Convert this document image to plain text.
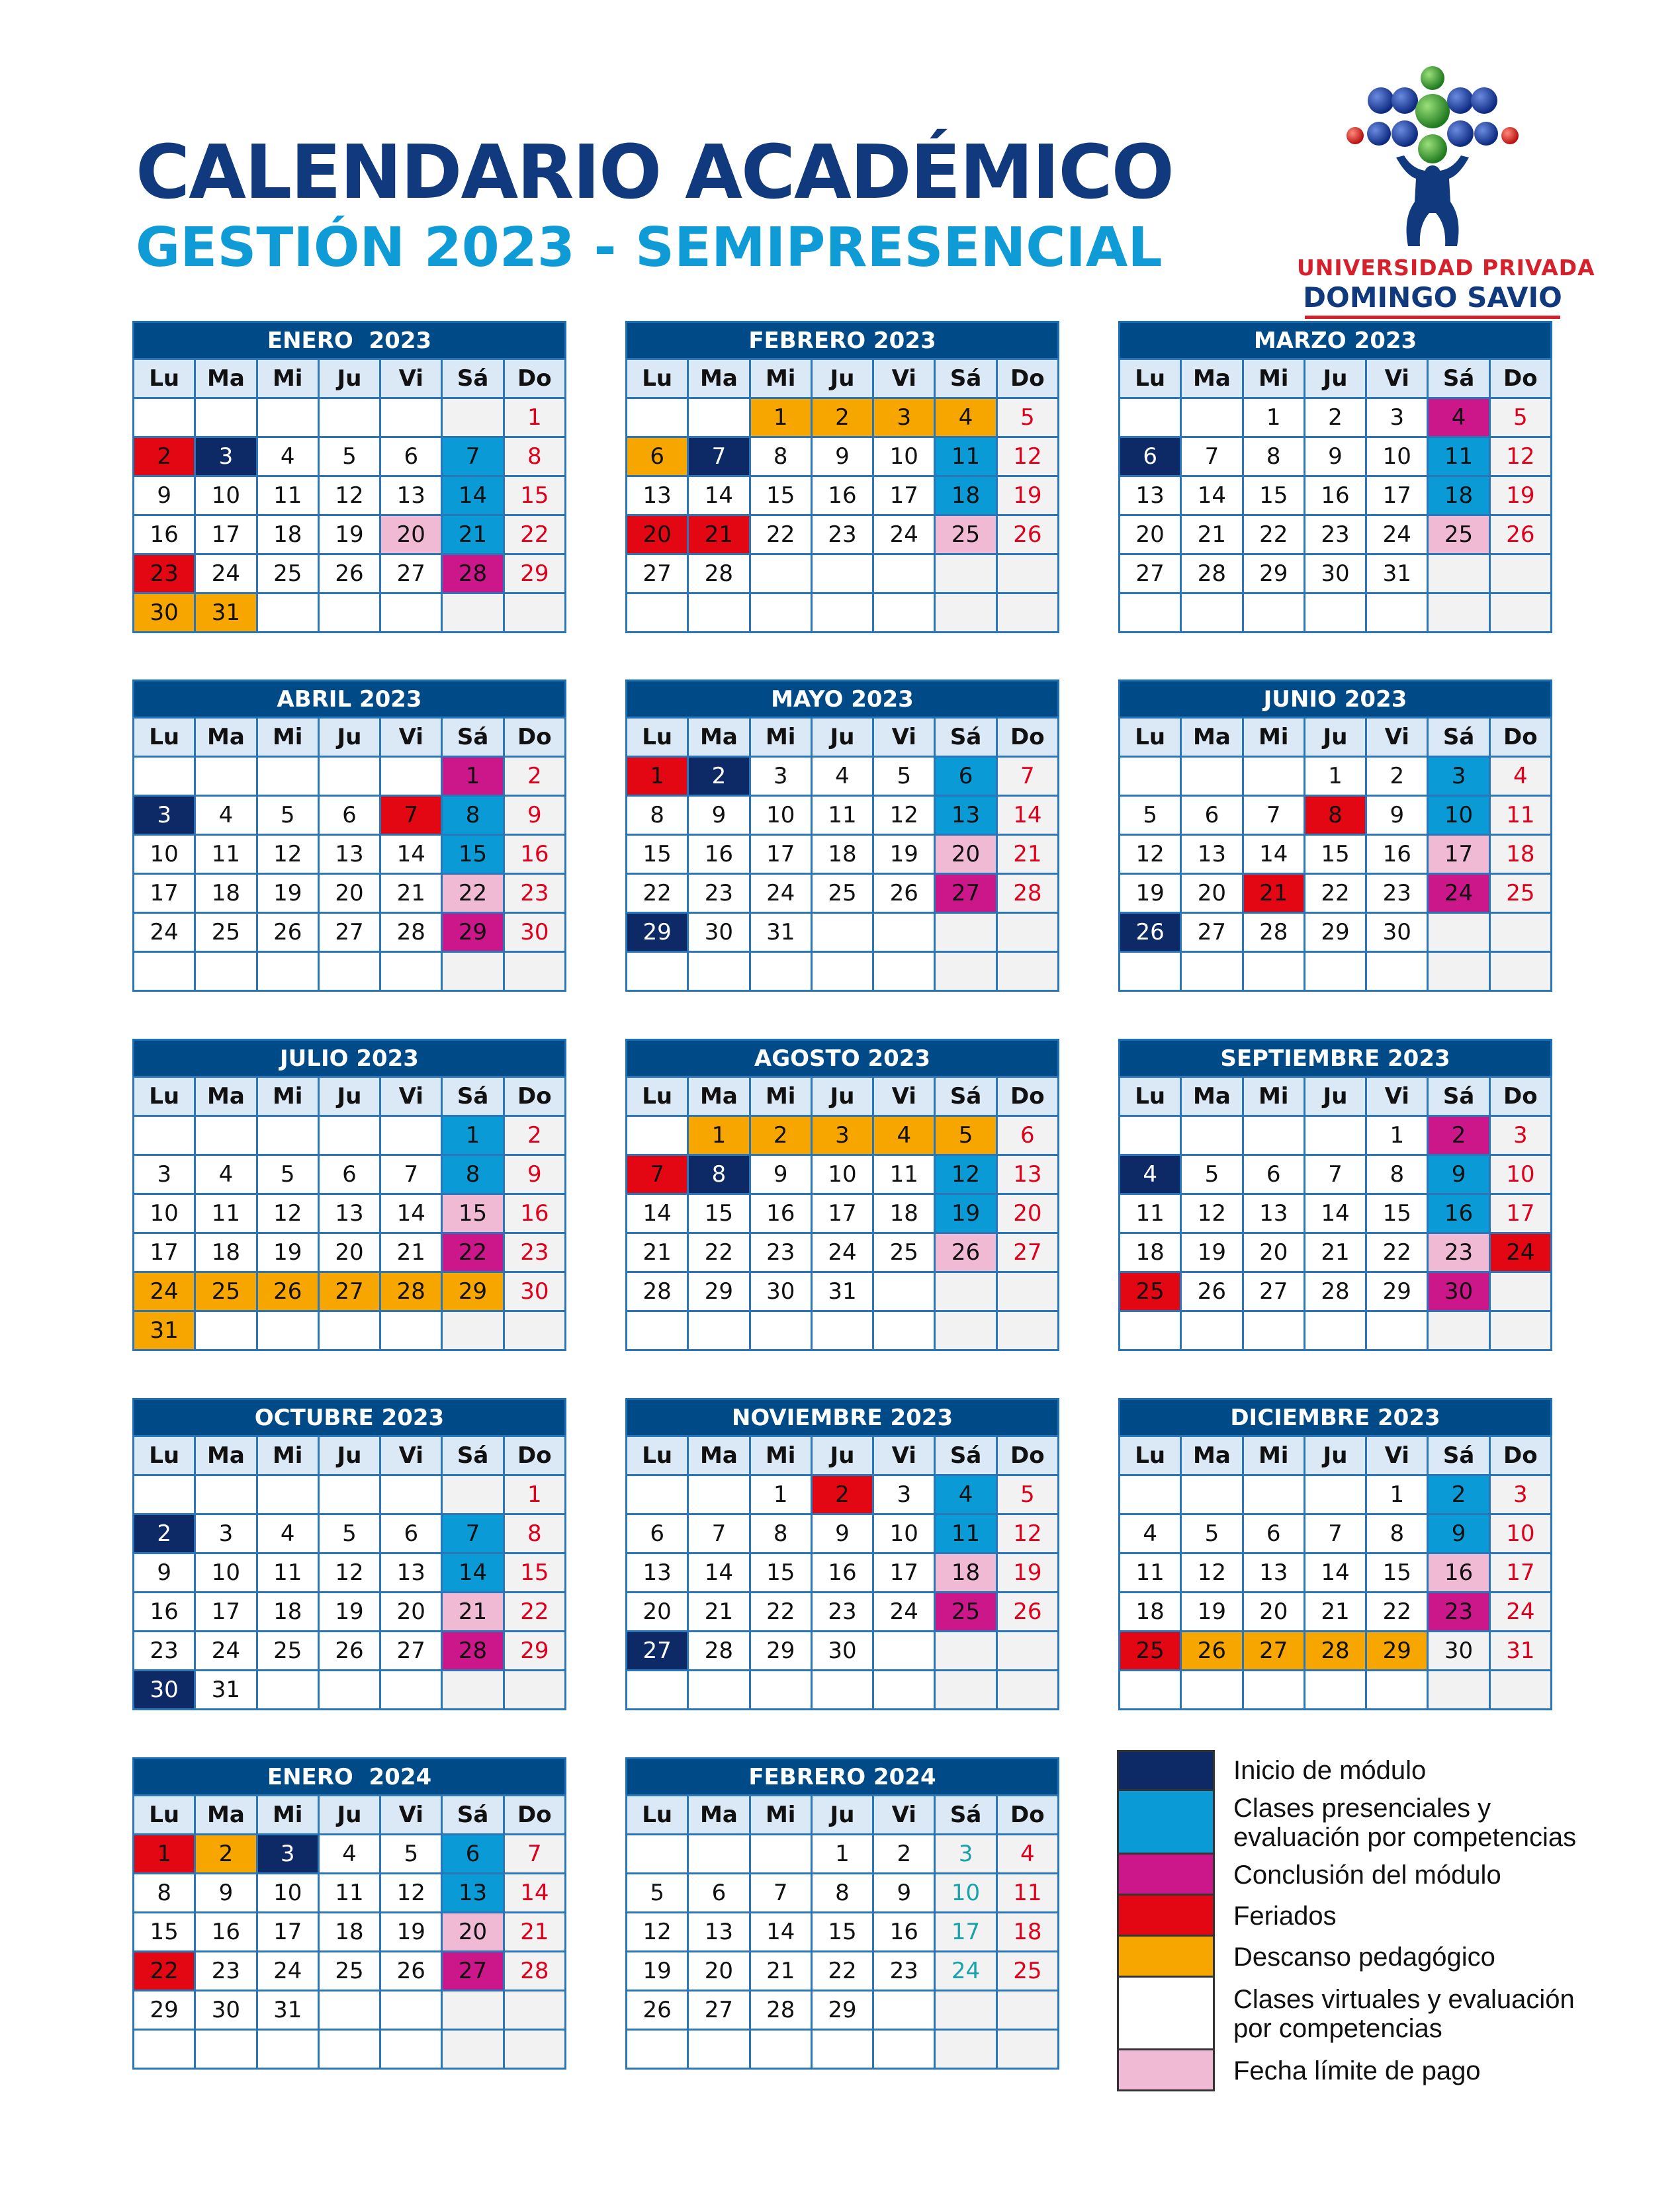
CALENDARIO ACADÉMICO
GESTIÓN 2023 - SEMIPRESENCIAL	UNIVERSIDAD PRIVADA
DOMINGO SAVIO
ENERO  2023
Lu	Ma	Mi	Ju	Vi	Sá	Do
						1
2	3	4	5	6	7	8
9	10	11	12	13	14	15
16	17	18	19	20	21	22
23	24	25	26	27	28	29
30	31					
FEBRERO 2023
Lu	Ma	Mi	Ju	Vi	Sá	Do
		1	2	3	4	5
6	7	8	9	10	11	12
13	14	15	16	17	18	19
20	21	22	23	24	25	26
27	28					

MARZO 2023
Lu	Ma	Mi	Ju	Vi	Sá	Do
		1	2	3	4	5
6	7	8	9	10	11	12
13	14	15	16	17	18	19
20	21	22	23	24	25	26
27	28	29	30	31		

ABRIL 2023
Lu	Ma	Mi	Ju	Vi	Sá	Do
					1	2
3	4	5	6	7	8	9
10	11	12	13	14	15	16
17	18	19	20	21	22	23
24	25	26	27	28	29	30

MAYO 2023
Lu	Ma	Mi	Ju	Vi	Sá	Do
1	2	3	4	5	6	7
8	9	10	11	12	13	14
15	16	17	18	19	20	21
22	23	24	25	26	27	28
29	30	31				

JUNIO 2023
Lu	Ma	Mi	Ju	Vi	Sá	Do
			1	2	3	4
5	6	7	8	9	10	11
12	13	14	15	16	17	18
19	20	21	22	23	24	25
26	27	28	29	30		

JULIO 2023
Lu	Ma	Mi	Ju	Vi	Sá	Do
					1	2
3	4	5	6	7	8	9
10	11	12	13	14	15	16
17	18	19	20	21	22	23
24	25	26	27	28	29	30
31						
AGOSTO 2023
Lu	Ma	Mi	Ju	Vi	Sá	Do
	1	2	3	4	5	6
7	8	9	10	11	12	13
14	15	16	17	18	19	20
21	22	23	24	25	26	27
28	29	30	31			

SEPTIEMBRE 2023
Lu	Ma	Mi	Ju	Vi	Sá	Do
				1	2	3
4	5	6	7	8	9	10
11	12	13	14	15	16	17
18	19	20	21	22	23	24
25	26	27	28	29	30	

OCTUBRE 2023
Lu	Ma	Mi	Ju	Vi	Sá	Do
						1
2	3	4	5	6	7	8
9	10	11	12	13	14	15
16	17	18	19	20	21	22
23	24	25	26	27	28	29
30	31					
NOVIEMBRE 2023
Lu	Ma	Mi	Ju	Vi	Sá	Do
		1	2	3	4	5
6	7	8	9	10	11	12
13	14	15	16	17	18	19
20	21	22	23	24	25	26
27	28	29	30			

DICIEMBRE 2023
Lu	Ma	Mi	Ju	Vi	Sá	Do
				1	2	3
4	5	6	7	8	9	10
11	12	13	14	15	16	17
18	19	20	21	22	23	24
25	26	27	28	29	30	31

ENERO  2024
Lu	Ma	Mi	Ju	Vi	Sá	Do
1	2	3	4	5	6	7
8	9	10	11	12	13	14
15	16	17	18	19	20	21
22	23	24	25	26	27	28
29	30	31				

FEBRERO 2024
Lu	Ma	Mi	Ju	Vi	Sá	Do
			1	2	3	4
5	6	7	8	9	10	11
12	13	14	15	16	17	18
19	20	21	22	23	24	25
26	27	28	29			

Inicio de módulo
Clases presenciales y evaluación por competencias
Conclusión del módulo
Feriados
Descanso pedagógico
Clases virtuales y evaluación por competencias
Fecha límite de pago
